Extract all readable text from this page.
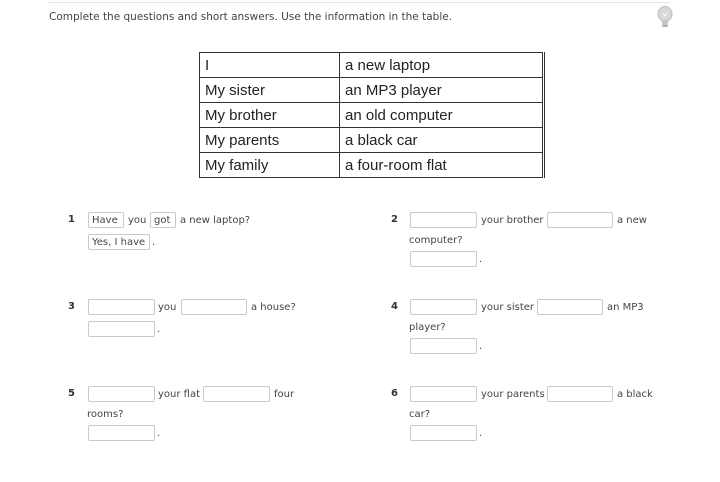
Complete the questions and short answers. Use the information in the table.
I	a new laptop
My sister	an MP3 player
My brother	an old computer
My parents	a black car
My family	a four-room flat
1
Have	you
got	a new laptop?
Yes, I have
.
2	your brother	a new
computer?
.
3	you	a house?
.
4	your sister	an MP3
player?
.
5	your flat	four
rooms?
.
6	your parents	a black
car?
.
